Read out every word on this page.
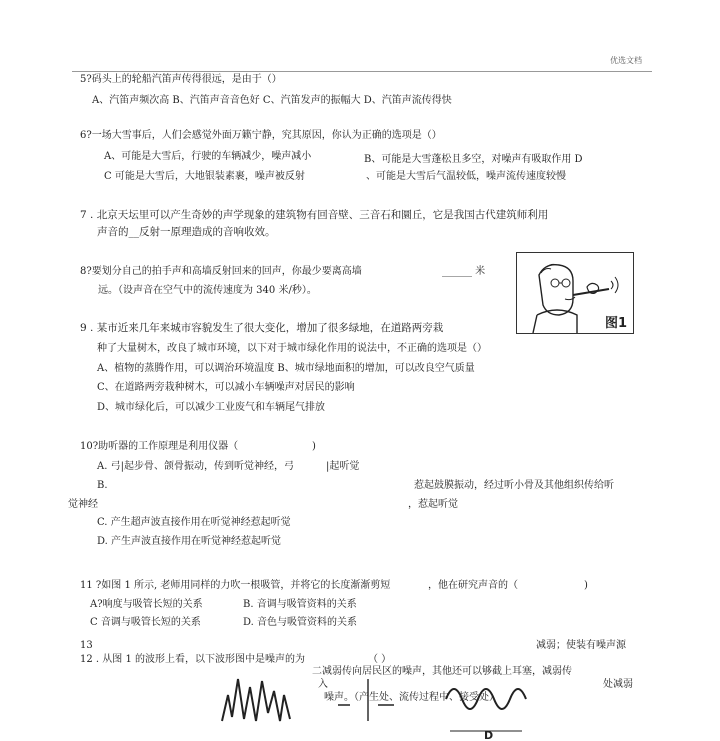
优选文档
5?码头上的轮船汽笛声传得很远，是由于（）
A、汽笛声频次高 B、汽笛声音音色好 C、汽笛发声的振幅大 D、汽笛声流传得快
6?一场大雪事后，人们会感觉外面万籁宁静，究其原因，你认为正确的选项是（）
A、可能是大雪后，行驶的车辆减少，噪声减小	B、可能是大雪蓬松且多空，对噪声有吸取作用 D
C 可能是大雪后，大地银装素裹，噪声被反射	、可能是大雪后气温较低，噪声流传速度较慢
7 . 北京天坛里可以产生奇妙的声学现象的建筑物有回音壁、三音石和圜丘，它是我国古代建筑师利用
声音的__反射一原理造成的音响收效。
8?要划分自己的拍手声和高墙反射回来的回声，你最少要离高墙	______ 米
远。（设声音在空气中的流传速度为 340 米/秒）。
图1
9 . 某市近来几年来城市容貌发生了很大变化，增加了很多绿地，在道路两旁栽
种了大量树木，改良了城市环境，以下对于城市绿化作用的说法中，不正确的选项是（）
A、植物的蒸腾作用，可以调治环境温度 B、城市绿地面积的增加，可以改良空气质量
C、在道路两旁栽种树木，可以减小车辆噪声对居民的影响
D、城市绿化后，可以减少工业废气和车辆尾气排放
10?助听器的工作原理是利用仪器（	)
A. 弓|起步骨、颌骨振动，传到听觉神经，弓	|起听觉
B.	惹起鼓膜振动，经过听小骨及其他组织传给听
觉神经	，惹起听觉
C. 产生超声波直接作用在听觉神经惹起听觉
D. 产生声波直接作用在听觉神经惹起听觉
11 ?如图 1 所示, 老师用同样的力吹一根吸管，并将它的长度渐渐剪短	，他在研究声音的（	)
A?响度与吸管长短的关系	B. 音调与吸管资料的关系
C 音调与吸管长短的关系	D. 音色与吸管资料的关系
13	减弱；使装有噪声源
12 . 从图 1 的波形上看，以下波形图中是噪声的为	（ ）
二减弱传向居民区的噪声，其他还可以够截上耳塞，减弱传
入	处减弱
噪声。（产生处、流传过程中、接受处）
D
